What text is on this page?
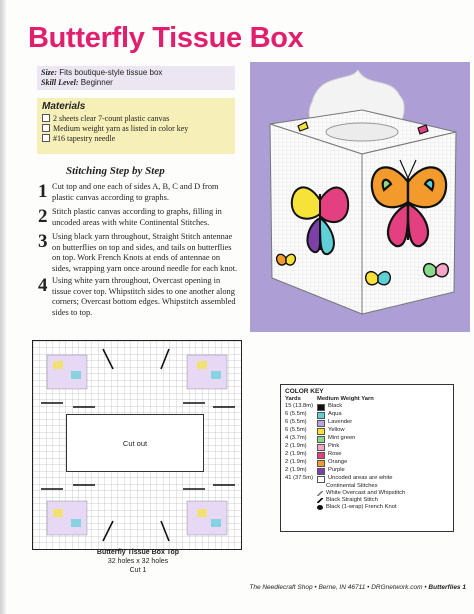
Butterfly Tissue Box
Size: Fits boutique-style tissue box
Skill Level: Beginner
Materials
2 sheets clear 7-count plastic canvas
Medium weight yarn as listed in color key
#16 tapestry needle
Stitching Step by Step
1 Cut top and one each of sides A, B, C and D from plastic canvas according to graphs.
2 Stitch plastic canvas according to graphs, filling in uncoded areas with white Continental Stitches.
3 Using black yarn throughout, Straight Stitch antennae on butterflies on top and sides, and tails on butterflies on top. Work French Knots at ends of antennae on sides, wrapping yarn once around needle for each knot.
4 Using white yarn throughout, Overcast opening in tissue cover top. Whipstitch sides to one another along corners; Overcast bottom edges. Whipstitch assembled sides to top.
Cut out
Butterfly Tissue Box Top
32 holes x 32 holes
Cut 1
COLOR KEY
Yards	Medium Weight Yarn
15 (13.8m)	Black
6 (5.5m)	Aqua
6 (5.5m)	Lavender
6 (5.5m)	Yellow
4 (3.7m)	Mint green
2 (1.9m)	Pink
2 (1.9m)	Rose
2 (1.9m)	Orange
2 (1.9m)	Purple
41 (37.5m)	Uncoded areas are white
Continental Stitches
White Overcast and Whipstitch
Black Straight Stitch
Black (1-wrap) French Knot
The Needlecraft Shop • Berne, IN 46711 • DRGnetwork.com • Butterflies 1
